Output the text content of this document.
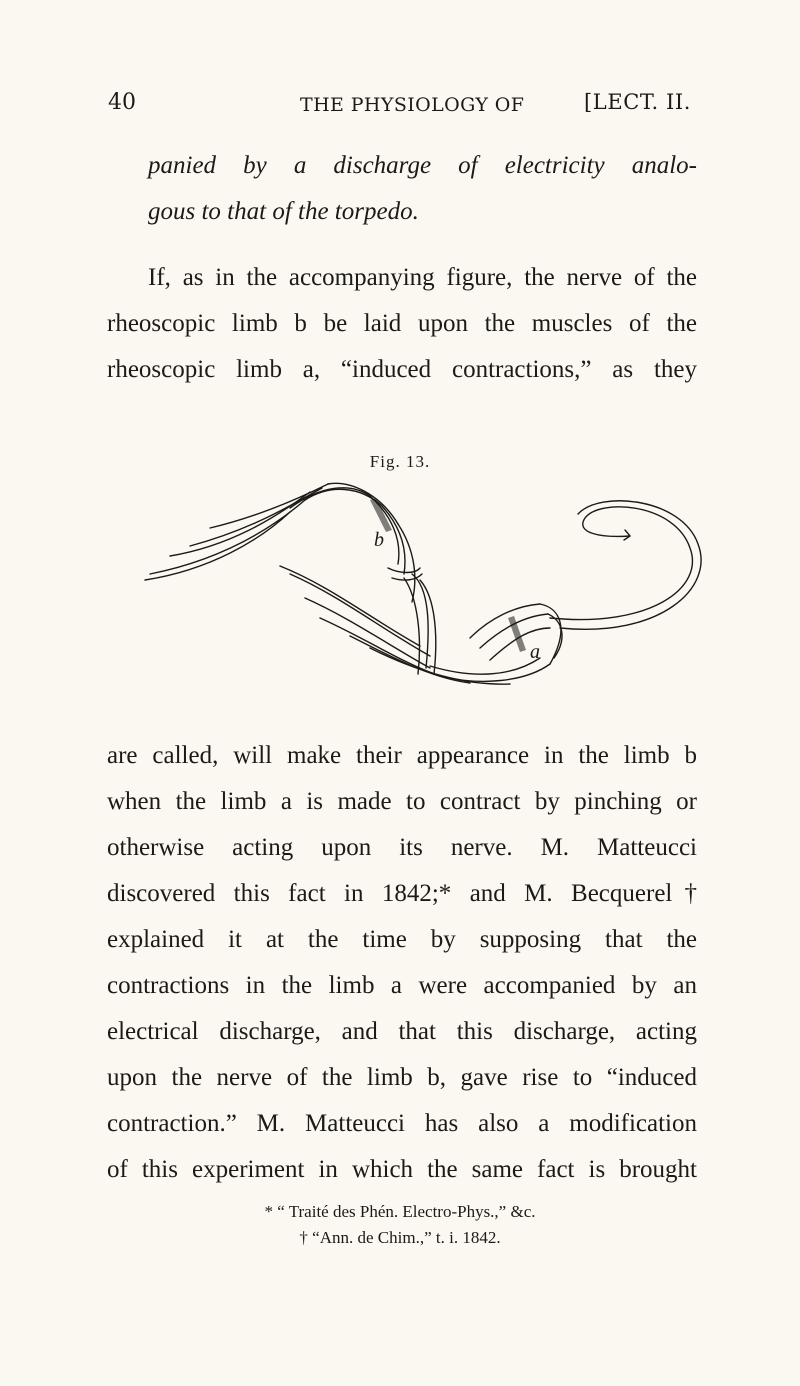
40	THE PHYSIOLOGY OF	[LECT. II.
panied by a discharge of electricity analo-
gous to that of the torpedo.
If, as in the accompanying figure, the nerve of the
rheoscopic limb b be laid upon the muscles of the
rheoscopic limb a, “induced contractions,” as they
Fig. 13.
b
a
are called, will make their appearance in the limb b
when the limb a is made to contract by pinching or
otherwise acting upon its nerve. M. Matteucci
discovered this fact in 1842;* and M. Becquerel†
explained it at the time by supposing that the
contractions in the limb a were accompanied by an
electrical discharge, and that this discharge, acting
upon the nerve of the limb b, gave rise to “induced
contraction.” M. Matteucci has also a modification
of this experiment in which the same fact is brought
* “ Traité des Phén. Electro-Phys.,” &c.
† “Ann. de Chim.,” t. i. 1842.
